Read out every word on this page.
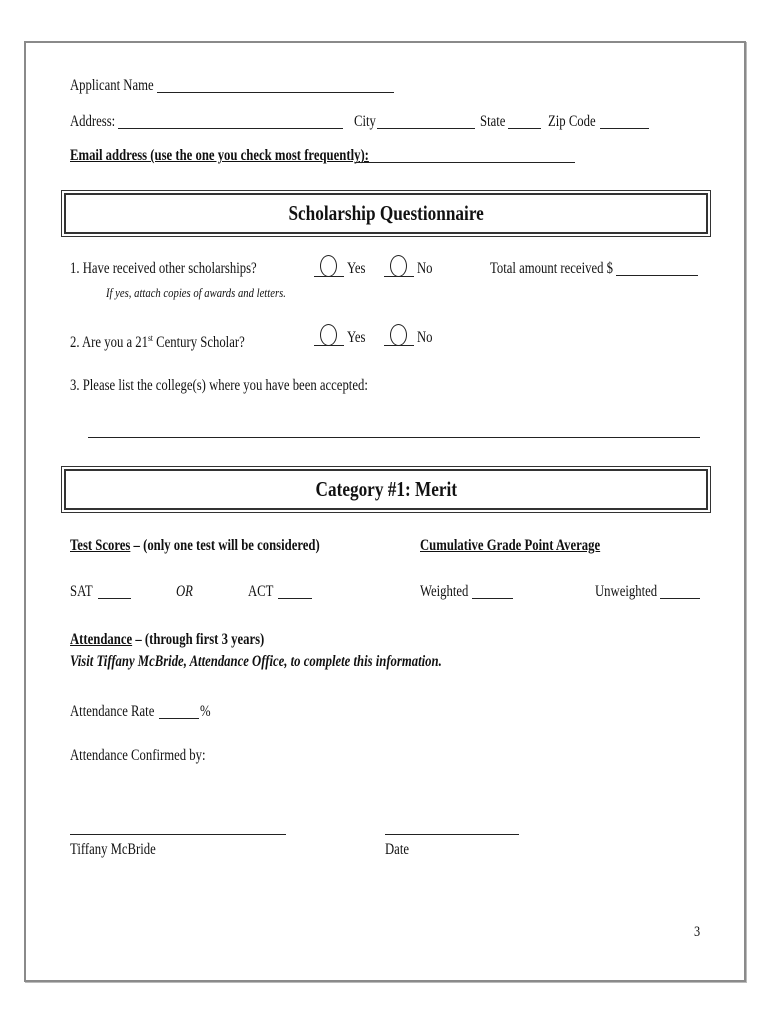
Applicant Name
Address:	City	State	Zip Code
Email address (use the one you check most frequently):
Scholarship Questionnaire
1. Have received other scholarships?
If yes, attach copies of awards and letters.
Yes	No	Total amount received $
2. Are you a 21st Century Scholar?	Yes	No
3. Please list the college(s) where you have been accepted:
Category #1: Merit
Test Scores – (only one test will be considered)	Cumulative Grade Point Average
SAT	OR	ACT	Weighted	Unweighted
Attendance – (through first 3 years)
Visit Tiffany McBride, Attendance Office, to complete this information.
Attendance Rate	%
Attendance Confirmed by:
Tiffany McBride	Date
3
